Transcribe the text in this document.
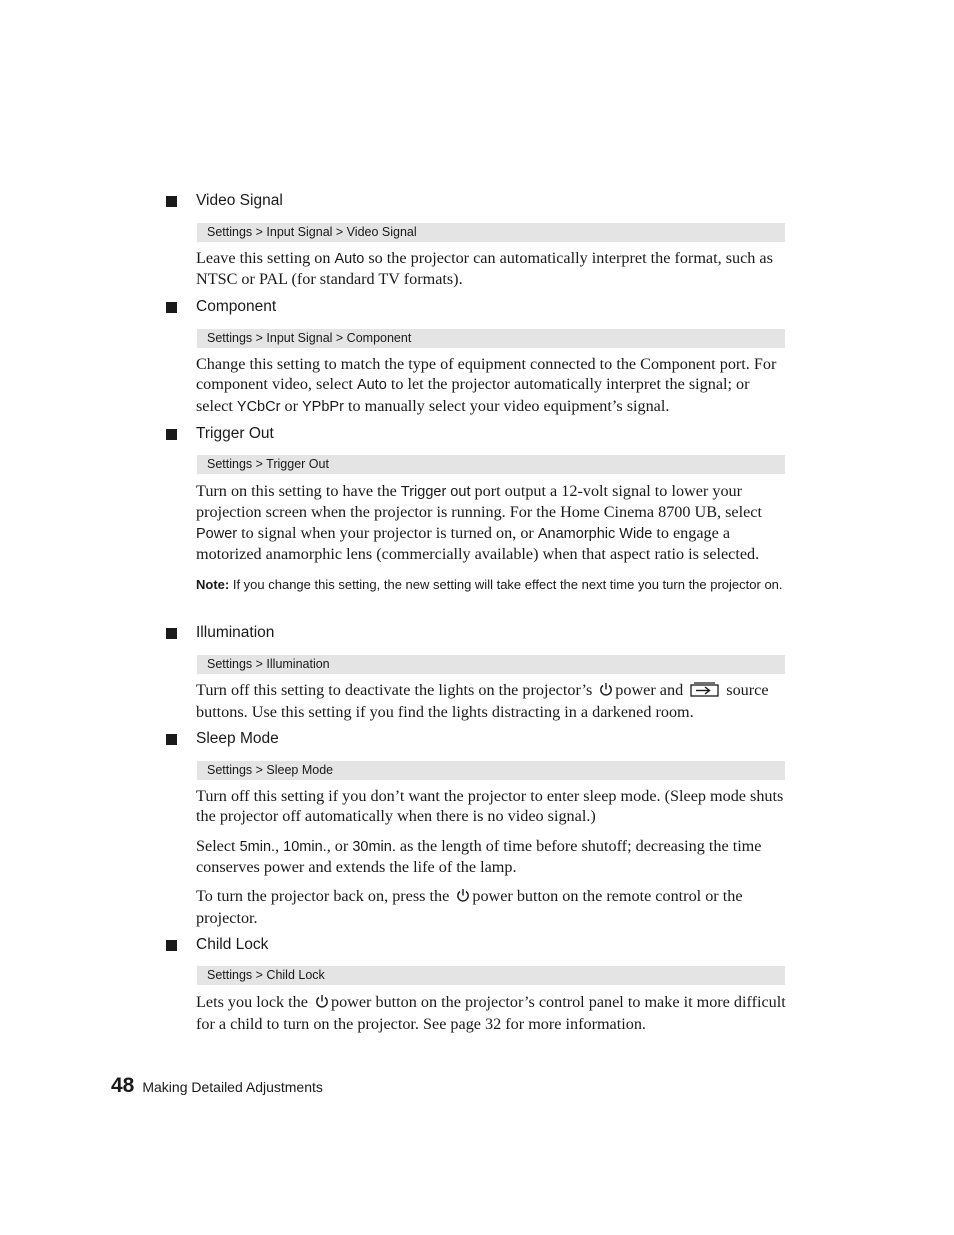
Video Signal
Settings > Input Signal > Video Signal
Leave this setting on Auto so the projector can automatically interpret the format, such as NTSC or PAL (for standard TV formats).
Component
Settings > Input Signal > Component
Change this setting to match the type of equipment connected to the Component port. For component video, select Auto to let the projector automatically interpret the signal; or select YCbCr or YPbPr to manually select your video equipment’s signal.
Trigger Out
Settings > Trigger Out
Turn on this setting to have the Trigger out port output a 12-volt signal to lower your projection screen when the projector is running. For the Home Cinema 8700 UB, select Power to signal when your projector is turned on, or Anamorphic Wide to engage a motorized anamorphic lens (commercially available) when that aspect ratio is selected.
Note: If you change this setting, the new setting will take effect the next time you turn the projector on.
Illumination
Settings > Illumination
Turn off this setting to deactivate the lights on the projector’s power and  source buttons. Use this setting if you find the lights distracting in a darkened room.
Sleep Mode
Settings > Sleep Mode
Turn off this setting if you don’t want the projector to enter sleep mode. (Sleep mode shuts the projector off automatically when there is no video signal.)
Select 5min., 10min., or 30min. as the length of time before shutoff; decreasing the time conserves power and extends the life of the lamp.
To turn the projector back on, press the power button on the remote control or the projector.
Child Lock
Settings > Child Lock
Lets you lock the power button on the projector’s control panel to make it more difficult for a child to turn on the projector. See page 32 for more information.
48 Making Detailed Adjustments
